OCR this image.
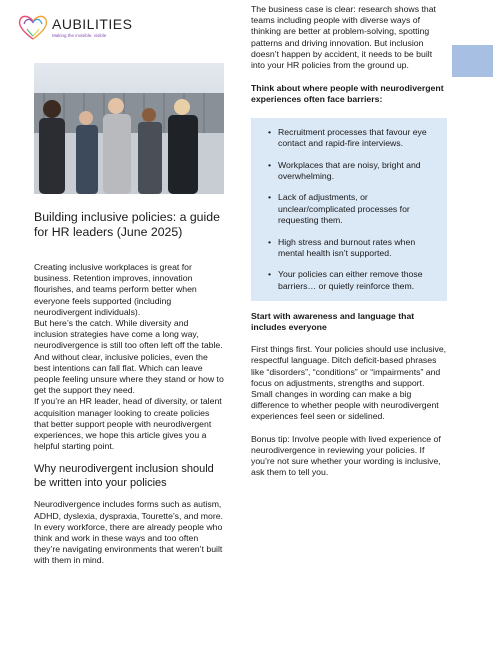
AUBILITIES
Making the invisible, visible
Building inclusive policies: a guide for HR leaders (June 2025)

Creating inclusive workplaces is great for business. Retention improves, innovation flourishes, and teams perform better when everyone feels supported (including neurodivergent individuals).

But here’s the catch. While diversity and inclusion strategies have come a long way, neurodivergence is still too often left off the table. And without clear, inclusive policies, even the best intentions can fall flat. Which can leave people feeling unsure where they stand or how to get the support they need.

If you’re an HR leader, head of diversity, or talent acquisition manager looking to create policies that better support people with neurodivergent experiences, we hope this article gives you a helpful starting point.

Why neurodivergent inclusion should be written into your policies

Neurodivergence includes forms such as autism, ADHD, dyslexia, dyspraxia, Tourette’s, and more. In every workforce, there are already people who think and work in these ways and too often they’re navigating environments that weren’t built with them in mind.

The business case is clear: research shows that teams including people with diverse ways of thinking are better at problem-solving, spotting patterns and driving innovation. But inclusion doesn’t happen by accident, it needs to be built into your HR policies from the ground up.

Think about where people with neurodivergent experiences often face barriers:

• Recruitment processes that favour eye contact and rapid-fire interviews.
• Workplaces that are noisy, bright and overwhelming.
• Lack of adjustments, or unclear/complicated processes for requesting them.
• High stress and burnout rates when mental health isn’t supported.
• Your policies can either remove those barriers… or quietly reinforce them.

Start with awareness and language that includes everyone

First things first. Your policies should use inclusive, respectful language. Ditch deficit-based phrases like “disorders”, “conditions” or “impairments” and focus on adjustments, strengths and support. Small changes in wording can make a big difference to whether people with neurodivergent experiences feel seen or sidelined.

Bonus tip: Involve people with lived experience of neurodivergence in reviewing your policies. If you’re not sure whether your wording is inclusive, ask them to tell you.
